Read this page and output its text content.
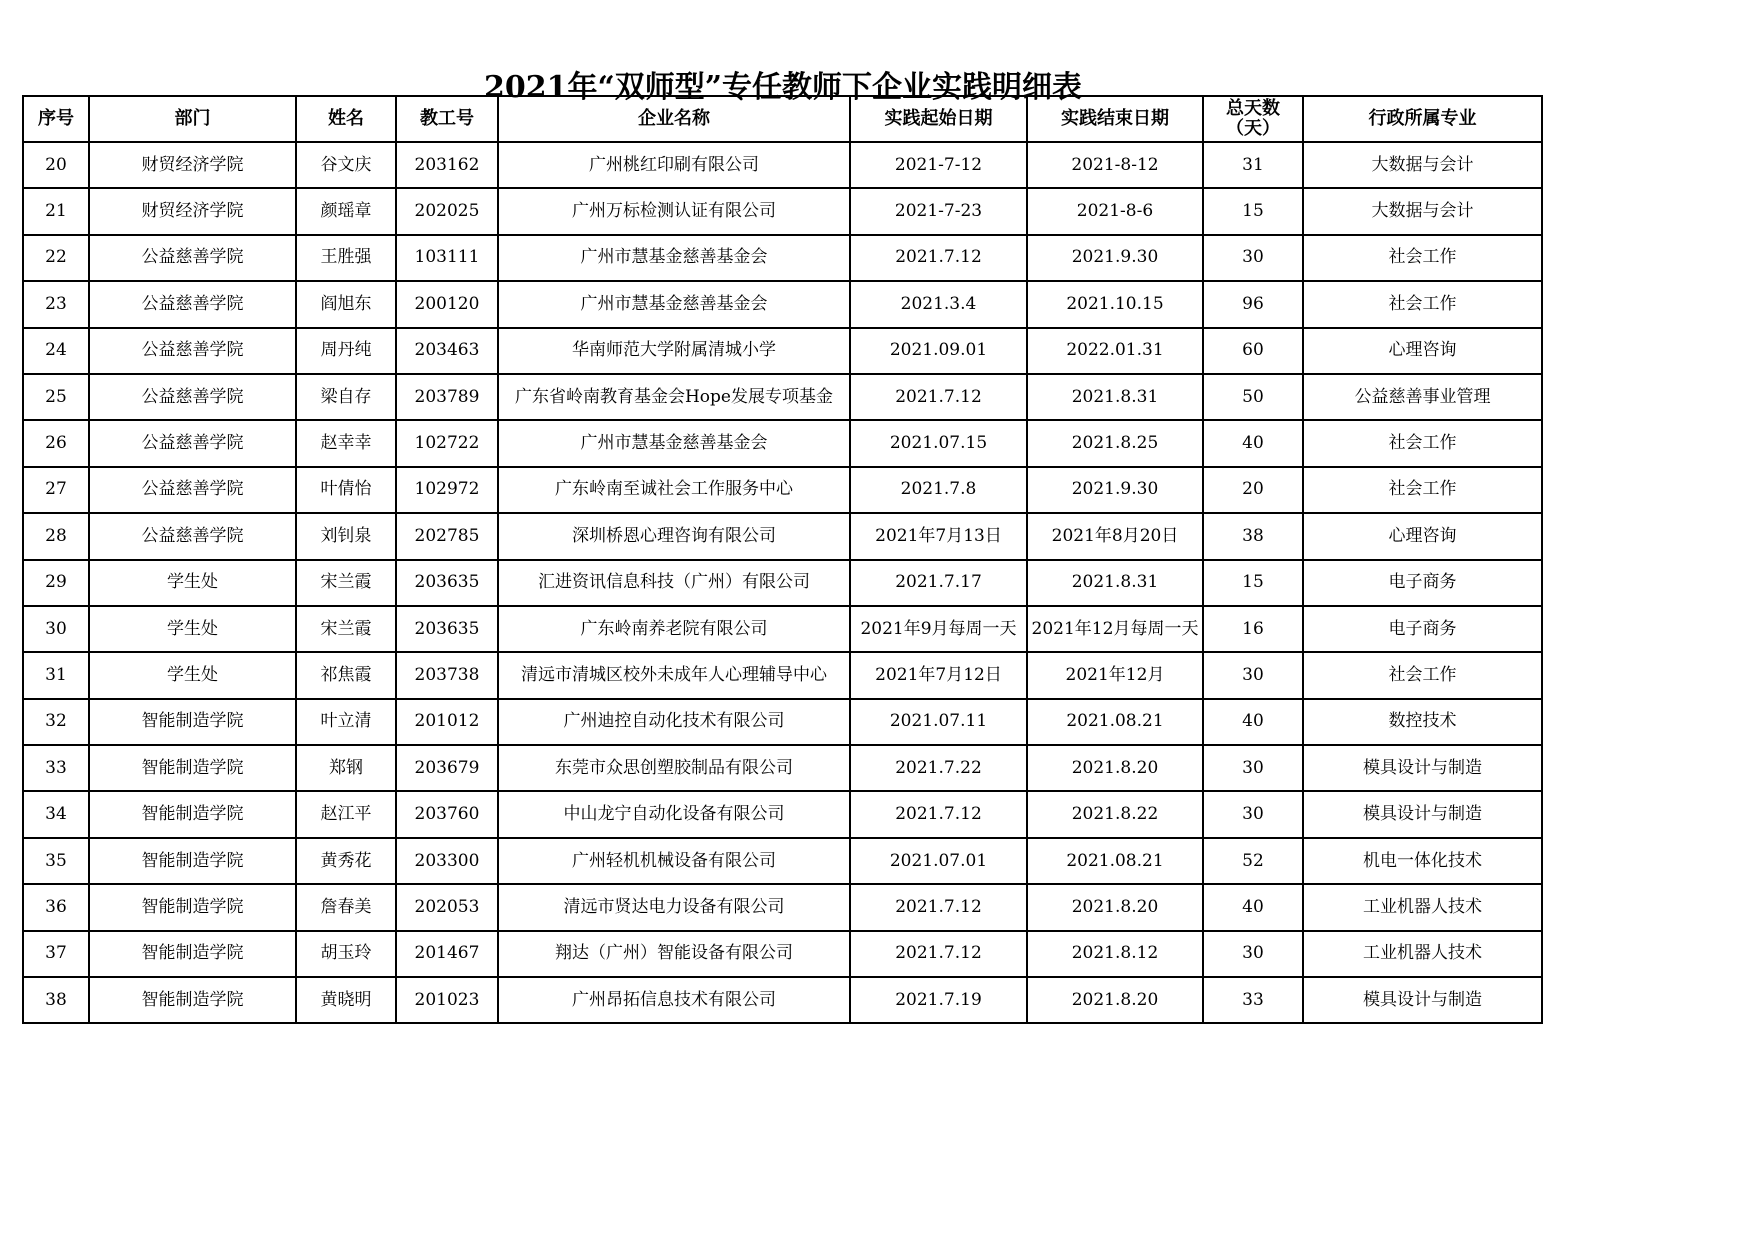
2021年“双师型”专任教师下企业实践明细表
序号	部门	姓名	教工号	企业名称	实践起始日期	实践结束日期	总天数（天）	行政所属专业
20	财贸经济学院	谷文庆	203162	广州桃红印刷有限公司	2021-7-12	2021-8-12	31	大数据与会计
21	财贸经济学院	颜瑶章	202025	广州万标检测认证有限公司	2021-7-23	2021-8-6	15	大数据与会计
22	公益慈善学院	王胜强	103111	广州市慧基金慈善基金会	2021.7.12	2021.9.30	30	社会工作
23	公益慈善学院	阎旭东	200120	广州市慧基金慈善基金会	2021.3.4	2021.10.15	96	社会工作
24	公益慈善学院	周丹纯	203463	华南师范大学附属清城小学	2021.09.01	2022.01.31	60	心理咨询
25	公益慈善学院	梁自存	203789	广东省岭南教育基金会Hope发展专项基金	2021.7.12	2021.8.31	50	公益慈善事业管理
26	公益慈善学院	赵幸幸	102722	广州市慧基金慈善基金会	2021.07.15	2021.8.25	40	社会工作
27	公益慈善学院	叶倩怡	102972	广东岭南至诚社会工作服务中心	2021.7.8	2021.9.30	20	社会工作
28	公益慈善学院	刘钊泉	202785	深圳桥恩心理咨询有限公司	2021年7月13日	2021年8月20日	38	心理咨询
29	学生处	宋兰霞	203635	汇进资讯信息科技（广州）有限公司	2021.7.17	2021.8.31	15	电子商务
30	学生处	宋兰霞	203635	广东岭南养老院有限公司	2021年9月每周一天	2021年12月每周一天	16	电子商务
31	学生处	祁焦霞	203738	清远市清城区校外未成年人心理辅导中心	2021年7月12日	2021年12月	30	社会工作
32	智能制造学院	叶立清	201012	广州迪控自动化技术有限公司	2021.07.11	2021.08.21	40	数控技术
33	智能制造学院	郑钢	203679	东莞市众思创塑胶制品有限公司	2021.7.22	2021.8.20	30	模具设计与制造
34	智能制造学院	赵江平	203760	中山龙宁自动化设备有限公司	2021.7.12	2021.8.22	30	模具设计与制造
35	智能制造学院	黄秀花	203300	广州轻机机械设备有限公司	2021.07.01	2021.08.21	52	机电一体化技术
36	智能制造学院	詹春美	202053	清远市贤达电力设备有限公司	2021.7.12	2021.8.20	40	工业机器人技术
37	智能制造学院	胡玉玲	201467	翔达（广州）智能设备有限公司	2021.7.12	2021.8.12	30	工业机器人技术
38	智能制造学院	黄晓明	201023	广州昂拓信息技术有限公司	2021.7.19	2021.8.20	33	模具设计与制造
